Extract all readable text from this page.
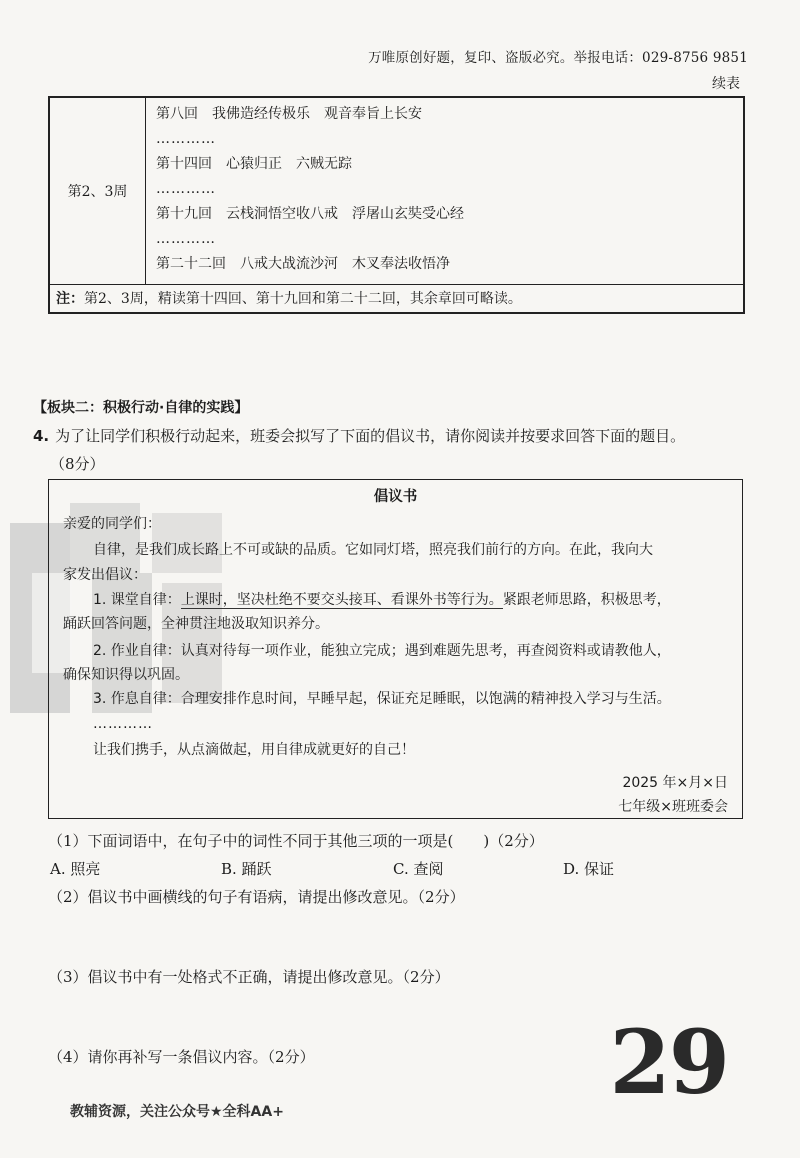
万唯原创好题，复印、盗版必究。举报电话：029-8756 9851
续表
第2、3周
第八回　我佛造经传极乐　观音奉旨上长安
…………
第十四回　心猿归正　六贼无踪
…………
第十九回　云栈洞悟空收八戒　浮屠山玄奘受心经
…………
第二十二回　八戒大战流沙河　木叉奉法收悟净
注：第2、3周，精读第十四回、第十九回和第二十二回，其余章回可略读。
【板块二：积极行动·自律的实践】
4. 为了让同学们积极行动起来，班委会拟写了下面的倡议书，请你阅读并按要求回答下面的题目。
（8分）
倡议书
亲爱的同学们：
自律，是我们成长路上不可或缺的品质。它如同灯塔，照亮我们前行的方向。在此，我向大
家发出倡议：
1. 课堂自律：上课时，坚决杜绝不要交头接耳、看课外书等行为。紧跟老师思路，积极思考，
踊跃回答问题，全神贯注地汲取知识养分。
2. 作业自律：认真对待每一项作业，能独立完成；遇到难题先思考，再查阅资料或请教他人，
确保知识得以巩固。
3. 作息自律：合理安排作息时间，早睡早起，保证充足睡眠，以饱满的精神投入学习与生活。
…………
让我们携手，从点滴做起，用自律成就更好的自己！
2025 年×月×日
七年级×班班委会
（1）下面词语中，在句子中的词性不同于其他三项的一项是(　　)（2分）
A. 照亮	B. 踊跃	C. 查阅	D. 保证
（2）倡议书中画横线的句子有语病，请提出修改意见。（2分）
（3）倡议书中有一处格式不正确，请提出修改意见。（2分）
（4）请你再补写一条倡议内容。（2分）	29
教辅资源，关注公众号★全科AA+
